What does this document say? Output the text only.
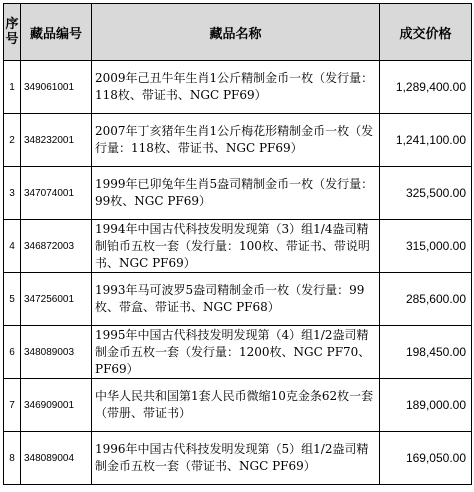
序
号	藏品编号	藏品名称	成交价格
1	349061001	2009年己丑牛年生肖1公斤精制金币一枚（发行量：118枚、带证书、NGC PF69）	1,289,400.00
2	348232001	2007年丁亥猪年生肖1公斤梅花形精制金币一枚（发行量：118枚、带证书、NGC PF69）	1,241,100.00
3	347074001	1999年已卯兔年生肖5盎司精制金币一枚（发行量：99枚、NGC PF69）	325,500.00
4	346872003	1994年中国古代科技发明发现第（3）组1/4盎司精制铂币五枚一套（发行量：100枚、带证书、带说明书、NGC PF69）	315,000.00
5	347256001	1993年马可波罗5盎司精制金币一枚（发行量：99枚、带盒、带证书、NGC PF68）	285,600.00
6	348089003	1995年中国古代科技发明发现第（4）组1/2盎司精制金币五枚一套（发行量：1200枚、NGC PF70、PF69）	198,450.00
7	346909001	中华人民共和国第1套人民币微缩10克金条62枚一套（带册、带证书）	189,000.00
8	348089004	1996年中国古代科技发明发现第（5）组1/2盎司精制金币五枚一套（带证书、NGC PF69）	169,050.00
